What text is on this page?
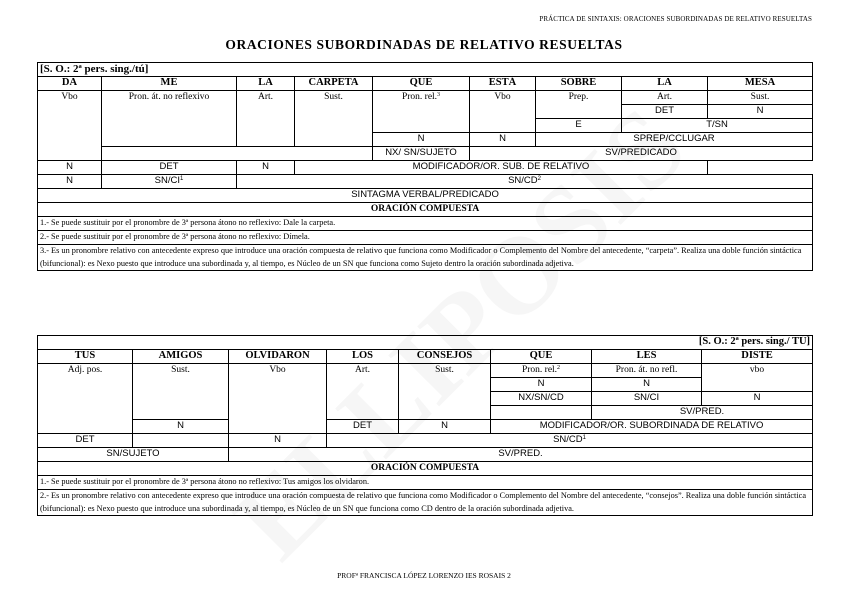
PRÁCTICA DE SINTAXIS: ORACIONES SUBORDINADAS DE RELATIVO RESUELTAS
ORACIONES SUBORDINADAS DE RELATIVO RESUELTAS
[S. O.: 2ª pers. sing./tú]								
DA	ME	LA	CARPETA	QUE	ESTÁ	SOBRE	LA	MESA
Vbo	Pron. át. no reflexivo	Art.	Sust.	Pron. rel.$^3$	Vbo	Prep.	Art.	Sust.
							DET	N
						E	T/SN	
				N	N	SPREP/CCLUGAR		
				NX/ SN/SUJETO	SV/PREDICADO			
N	DET	N	MODIFICADOR/OR. SUB. DE RELATIVO					
N	$SN/CI^1$	$SN/CD^2$
SINTAGMA VERBAL/PREDICADO								
ORACIÓN COMPUESTA								
1.- Se puede sustituir por el pronombre de 3ª persona átono no reflexivo: Dale la carpeta.								
2.- Se puede sustituir por el pronombre de 3ª persona átono no reflexivo: Dímela.								
3.- Es un pronombre relativo con antecedente expreso que introduce una oración compuesta de relativo que funciona como Modificador o Complemento del Nombre del antecedente, “carpeta”. Realiza una doble función sintáctica (bifuncional): es Nexo puesto que introduce una subordinada y, al tiempo, es Núcleo de un SN que funciona como Sujeto dentro la oración subordinada adjetiva.								
[S. O.: 2ª pers. sing./ TÚ]							
TUS	AMIGOS	OLVIDARON	LOS	CONSEJOS	QUE	LES	DISTE
Adj. pos.	Sust.	Vbo	Art.	Sust.	Pron. rel.$^2$	Pron. át. no refl.	vbo
					N	N	
					NX/SN/CD	SN/CI	N
						SV/PRED.	
	N		DET	N	MODIFICADOR/OR. SUBORDINADA DE RELATIVO		
DET		N	$SN/CD^1$
SN/SUJETO		SV/PRED.					
ORACIÓN COMPUESTA							
1.- Se puede sustituir por el pronombre de 3ª persona átono no reflexivo: Tus amigos los olvidaron.							
2.- Es un pronombre relativo con antecedente expreso que introduce una oración compuesta de relativo que funciona como Modificador o Complemento del Nombre del antecedente, “consejos”. Realiza una doble función sintáctica (bifuncional): es Nexo puesto que introduce una subordinada y, al tiempo, es Núcleo de un SN que funciona como CD dentro de la oración subordinada adjetiva.							
PROFª FRANCISCA LÓPEZ LORENZO IES ROSAIS 2
